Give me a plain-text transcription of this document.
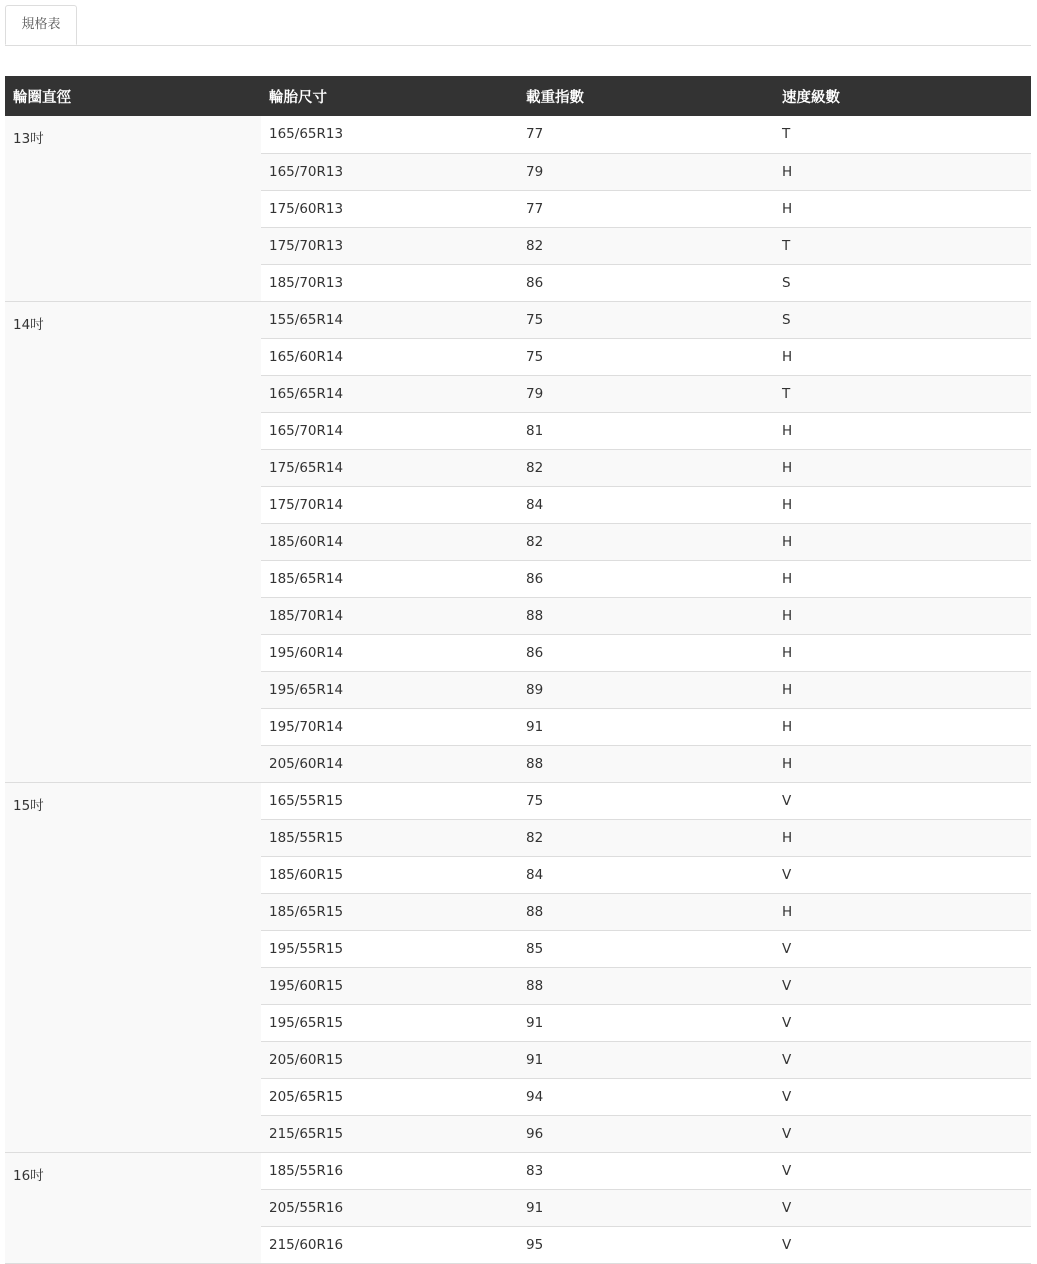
規格表
輪圈直徑	輪胎尺寸	載重指數	速度級數
13吋	165/65R13	77	T
	165/70R13	79	H
	175/60R13	77	H
	175/70R13	82	T
	185/70R13	86	S
14吋	155/65R14	75	S
	165/60R14	75	H
	165/65R14	79	T
	165/70R14	81	H
	175/65R14	82	H
	175/70R14	84	H
	185/60R14	82	H
	185/65R14	86	H
	185/70R14	88	H
	195/60R14	86	H
	195/65R14	89	H
	195/70R14	91	H
	205/60R14	88	H
15吋	165/55R15	75	V
	185/55R15	82	H
	185/60R15	84	V
	185/65R15	88	H
	195/55R15	85	V
	195/60R15	88	V
	195/65R15	91	V
	205/60R15	91	V
	205/65R15	94	V
	215/65R15	96	V
16吋	185/55R16	83	V
	205/55R16	91	V
	215/60R16	95	V
